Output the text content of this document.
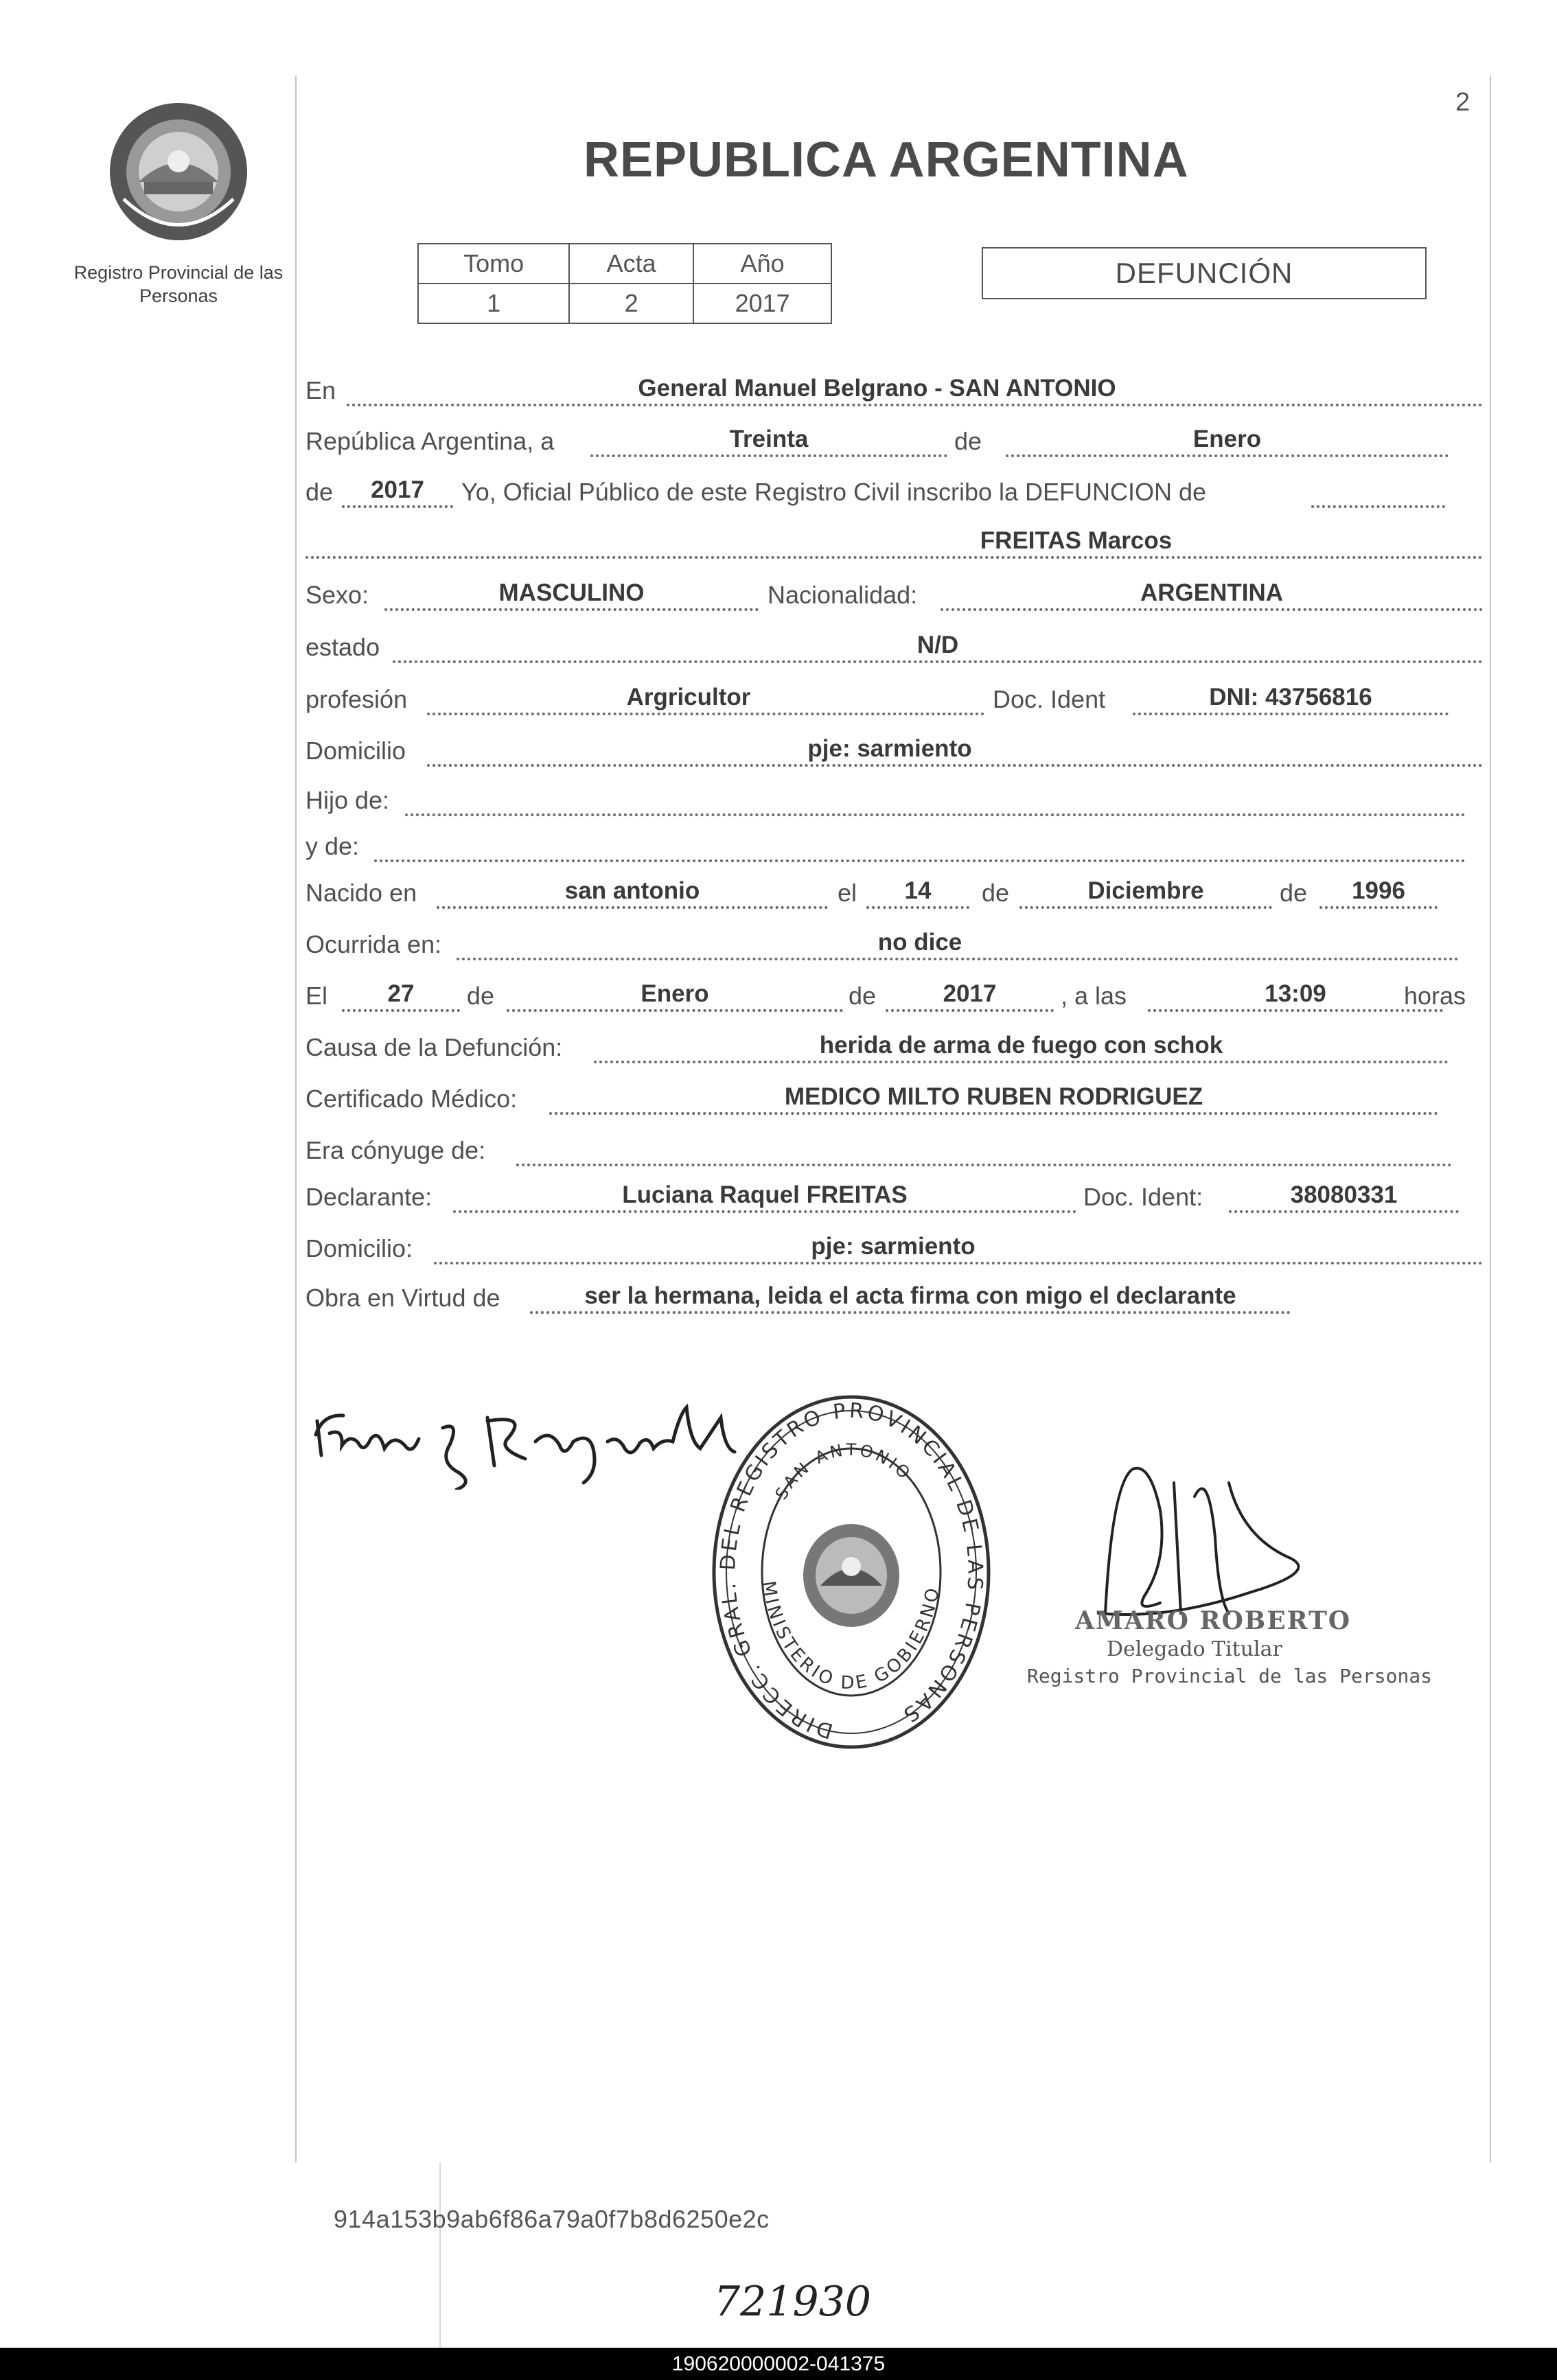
Registro Provincial de las Personas
2
REPUBLICA ARGENTINA
Tomo	Acta	Año
1	2	2017
DEFUNCIÓN
En	General Manuel Belgrano - SAN ANTONIO
República Argentina, a	Treinta	de	Enero
de	2017	Yo, Oficial Público de este Registro Civil inscribo la DEFUNCION de
FREITAS Marcos
Sexo:	MASCULINO	Nacionalidad:	ARGENTINA
estado	N/D
profesión	Argricultor	Doc. Ident	DNI: 43756816
Domicilio	pje: sarmiento
Hijo de:
y de:
Nacido en	san antonio	el	14	de	Diciembre	de	1996
Ocurrida en:	no dice
El	27	de	Enero	de	2017	, a las	13:09	horas
Causa de la Defunción:	herida de arma de fuego con schok
Certificado Médico:	MEDICO MILTO RUBEN RODRIGUEZ
Era cónyuge de:
Declarante:	Luciana Raquel FREITAS	Doc. Ident:	38080331
Domicilio:	pje: sarmiento
Obra en Virtud de	ser la hermana, leida el acta firma con migo el declarante
DIRECC. GRAL. DEL REGISTRO PROVINCIAL DE LAS PERSONAS
SAN ANTONIO
MINISTERIO DE GOBIERNO
AMARO ROBERTO
Delegado Titular
Registro Provincial de las Personas
914a153b9ab6f86a79a0f7b8d6250e2c
721930
190620000002-041375
